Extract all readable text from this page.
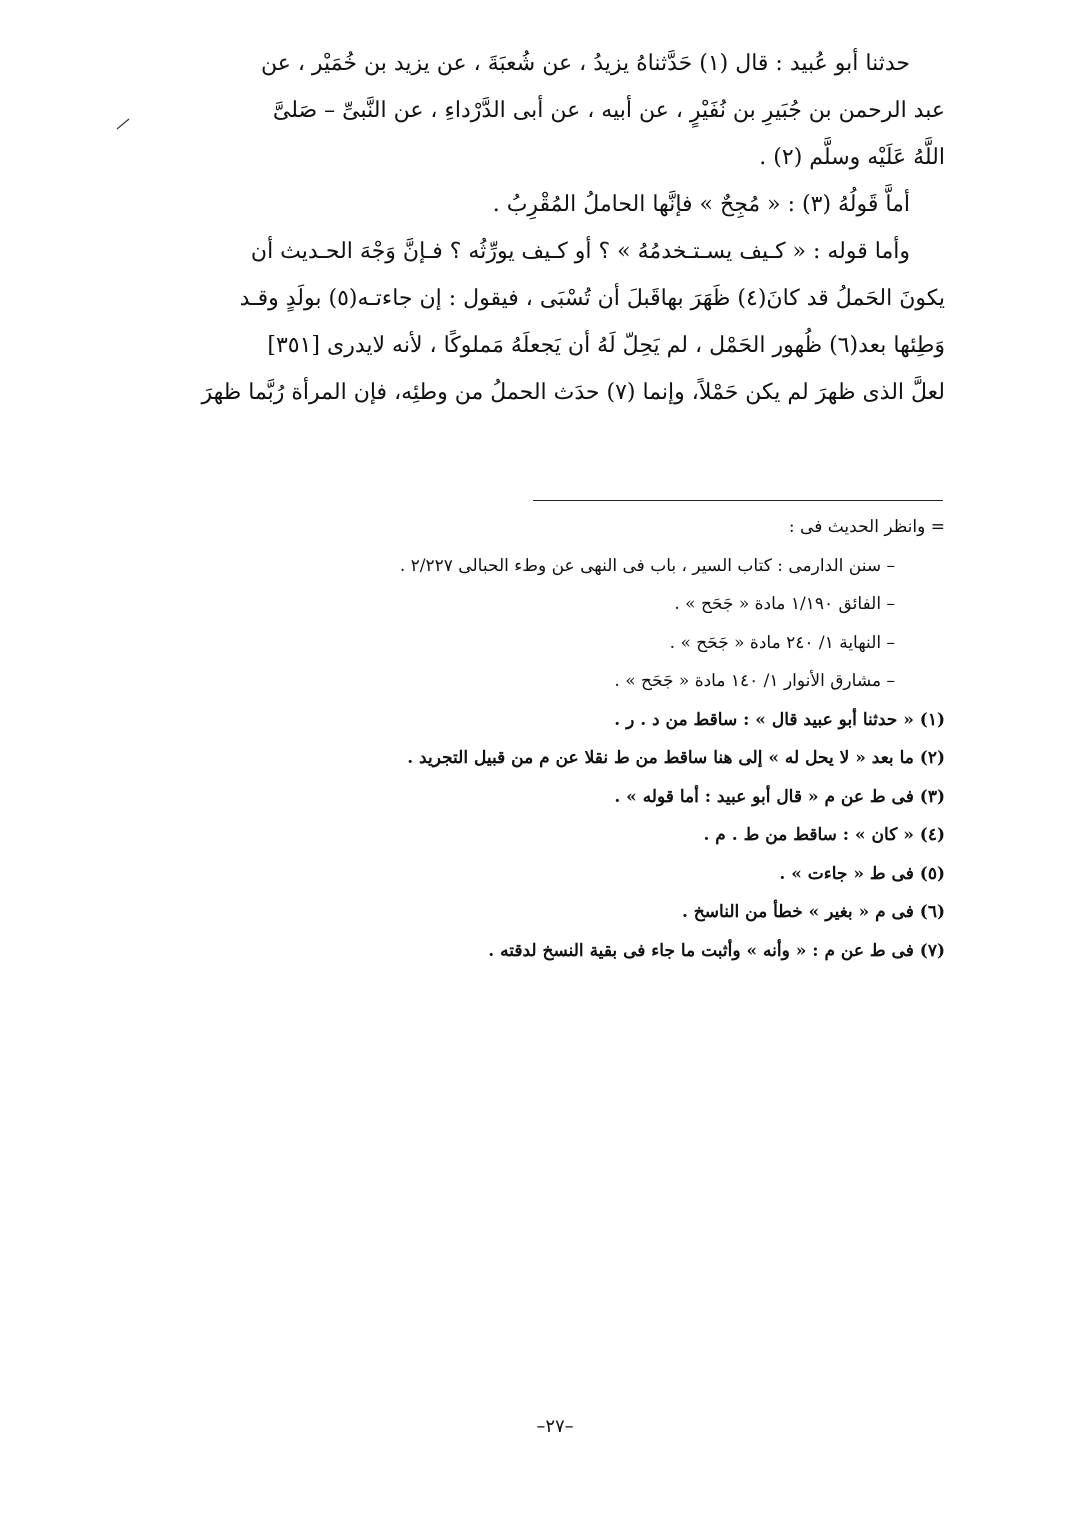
حدثنا أبو عُبيد : قال (١) حَدَّثناهُ يزيدُ ، عن شُعبَةَ ، عن يزيد بن خُمَيْر ، عن
عبد الرحمن بن جُبَيرِ بن نُفَيْرٍ ، عن أبيه ، عن أبى الدَّرْداءِ ، عن النَّبىِّ – صَلىَّ
اللَّهُ عَلَيْه وسلَّم (٢) .
أماَّ قَولُهُ (٣) : « مُجِحٌ » فإنَّها الحاملُ المُقْرِبُ .
وأما قوله : « كـيف يسـتـخدمُهُ » ؟ أو كـيف يورِّثُه ؟ فـإنَّ وَجْهَ الحـديث أن
يكونَ الحَملُ قد كانَ(٤) ظَهَرَ بهاقَبلَ أن تُسْبَى ، فيقول : إن جاءتـه(٥) بولَدٍ وقـد
وَطِئها بعد(٦) ظُهور الحَمْل ، لم يَحِلّ لَهُ أن يَجعلَهُ مَملوكًا ، لأنه لايدرى [٣٥١]
لعلَّ الذى ظهرَ لم يكن حَمْلاً، وإنما (٧) حدَث الحملُ من وطئِه، فإن المرأة رُبَّما ظهرَ
= وانظر الحديث فى :
– سنن الدارمى : كتاب السير ، باب فى النهى عن وطء الحبالى ٢/٢٢٧ .
– الفائق ١/١٩٠ مادة « جَحَح » .
– النهاية ١/ ٢٤٠ مادة « جَحَح » .
– مشارق الأنوار ١/ ١٤٠ مادة « جَحَح » .
(١) « حدثنا أبو عبيد قال » : ساقط من د . ر .
(٢) ما بعد « لا يحل له » إلى هنا ساقط من ط نقلا عن م من قبيل التجريد .
(٣) فى ط عن م « قال أبو عبيد : أما قوله » .
(٤) « كان » : ساقط من ط . م .
(٥) فى ط « جاءت » .
(٦) فى م « بغير » خطأ من الناسخ .
(٧) فى ط عن م : « وأنه » وأثبت ما جاء فى بقية النسخ لدقته .
–٢٧–
